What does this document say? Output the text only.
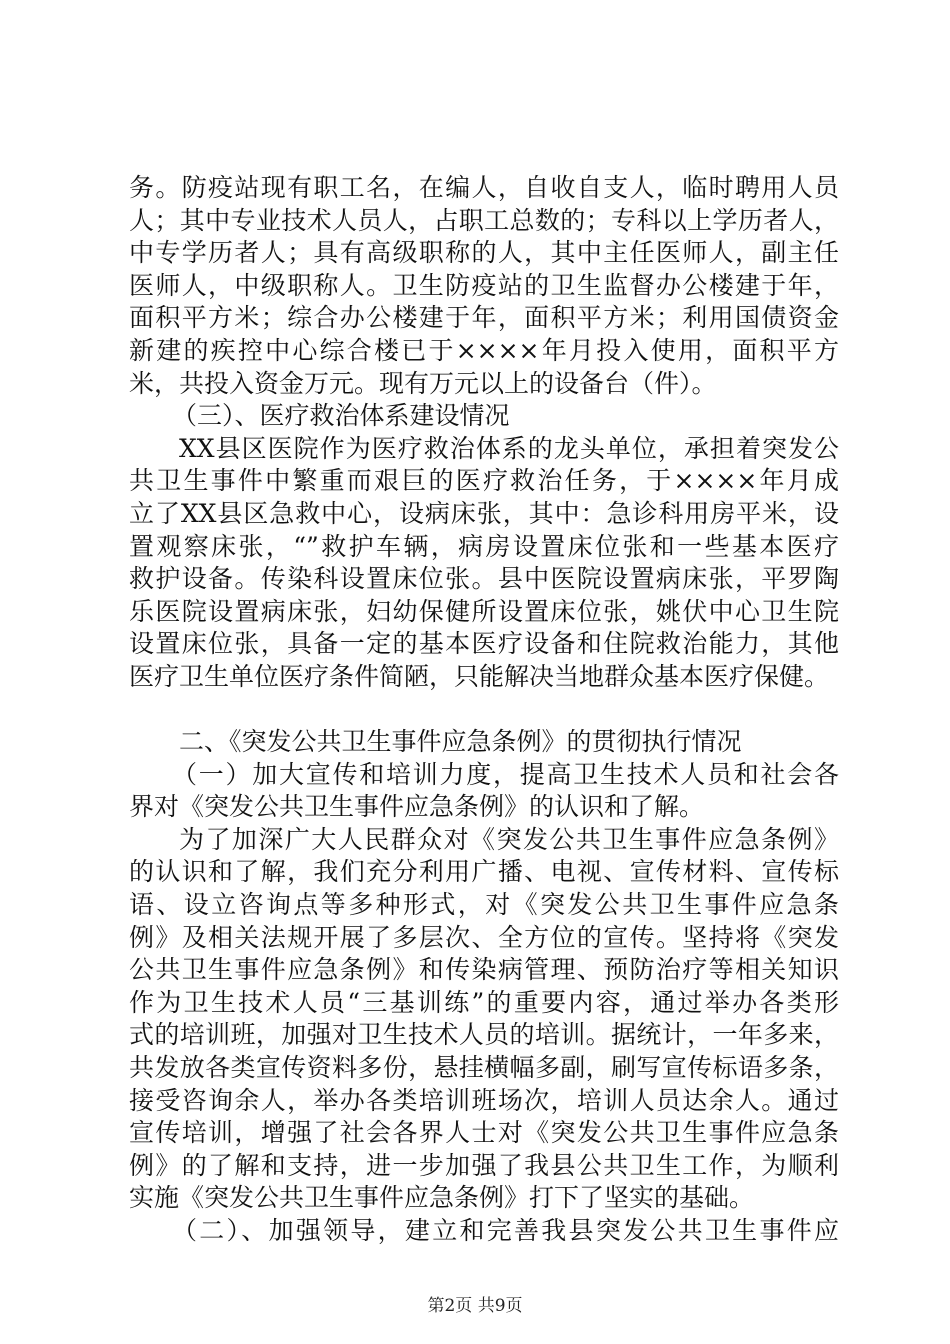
务。防疫站现有职工名，在编人，自收自支人，临时聘用人员
人；其中专业技术人员人，占职工总数的；专科以上学历者人，
中专学历者人；具有高级职称的人，其中主任医师人，副主任
医师人，中级职称人。卫生防疫站的卫生监督办公楼建于年，
面积平方米；综合办公楼建于年，面积平方米；利用国债资金
新建的疾控中心综合楼已于××××年月投入使用，面积平方
米，共投入资金万元。现有万元以上的设备台（件）。
（三）、医疗救治体系建设情况
XX县区医院作为医疗救治体系的龙头单位，承担着突发公
共卫生事件中繁重而艰巨的医疗救治任务，于××××年月成
立了XX县区急救中心，设病床张，其中：急诊科用房平米，设
置观察床张，“”救护车辆，病房设置床位张和一些基本医疗
救护设备。传染科设置床位张。县中医院设置病床张，平罗陶
乐医院设置病床张，妇幼保健所设置床位张，姚伏中心卫生院
设置床位张，具备一定的基本医疗设备和住院救治能力，其他
医疗卫生单位医疗条件简陋，只能解决当地群众基本医疗保健。
二、《突发公共卫生事件应急条例》的贯彻执行情况
（一）加大宣传和培训力度，提高卫生技术人员和社会各
界对《突发公共卫生事件应急条例》的认识和了解。
为了加深广大人民群众对《突发公共卫生事件应急条例》
的认识和了解，我们充分利用广播、电视、宣传材料、宣传标
语、设立咨询点等多种形式，对《突发公共卫生事件应急条
例》及相关法规开展了多层次、全方位的宣传。坚持将《突发
公共卫生事件应急条例》和传染病管理、预防治疗等相关知识
作为卫生技术人员“三基训练”的重要内容，通过举办各类形
式的培训班，加强对卫生技术人员的培训。据统计，一年多来，
共发放各类宣传资料多份，悬挂横幅多副，刷写宣传标语多条，
接受咨询余人，举办各类培训班场次，培训人员达余人。通过
宣传培训，增强了社会各界人士对《突发公共卫生事件应急条
例》的了解和支持，进一步加强了我县公共卫生工作，为顺利
实施《突发公共卫生事件应急条例》打下了坚实的基础。
（二）、加强领导，建立和完善我县突发公共卫生事件应
第2页 共9页
